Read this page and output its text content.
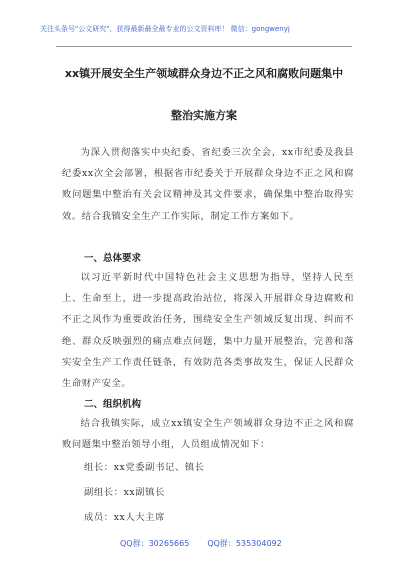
关注头条号"公文研究"，获得最新最全最专业的公文资料库！ 微信：gongwenyj
xx镇开展安全生产领域群众身边不正之风和腐败问题集中
整治实施方案

为深入贯彻落实中央纪委、省纪委三次全会，xx市纪委及我县纪委xx次全会部署，根据省市纪委关于开展群众身边不正之风和腐败问题集中整治有关会议精神及其文件要求，确保集中整治取得实效。结合我镇安全生产工作实际，制定工作方案如下。

一、总体要求

以习近平新时代中国特色社会主义思想为指导，坚持人民至上、生命至上，进一步提高政治站位，将深入开展群众身边腐败和不正之风作为重要政治任务，围绕安全生产领域反复出现、纠而不绝、群众反映强烈的痛点难点问题，集中力量开展整治，完善和落实安全生产工作责任链条，有效防范各类事故发生，保证人民群众生命财产安全。

二、组织机构

结合我镇实际，成立xx镇安全生产领域群众身边不正之风和腐败问题集中整治领导小组，人员组成情况如下：

组长：xx党委副书记、镇长
副组长：xx副镇长
成员：xx人大主席
QQ群：30265665 QQ群：535304092
